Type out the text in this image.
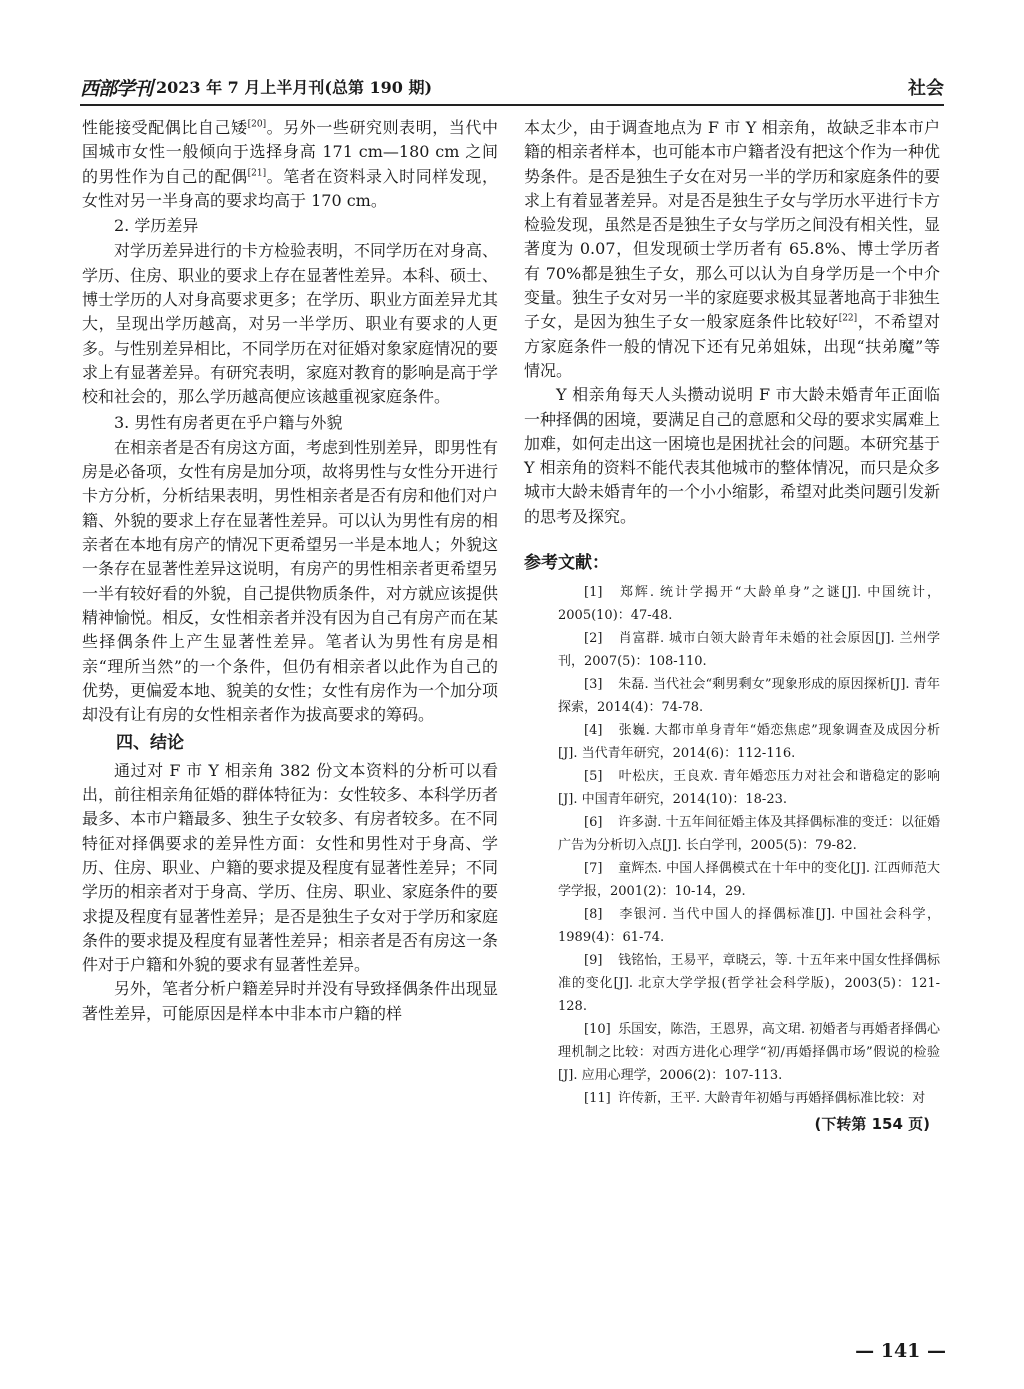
西部学刊 2023 年 7 月上半月刊(总第 190 期)	社会

性能接受配偶比自己矮[20]。另外一些研究则表明，当代中国城市女性一般倾向于选择身高 171 cm—180 cm 之间的男性作为自己的配偶[21]。笔者在资料录入时同样发现，女性对另一半身高的要求均高于 170 cm。

2. 学历差异

对学历差异进行的卡方检验表明，不同学历在对身高、学历、住房、职业的要求上存在显著性差异。本科、硕士、博士学历的人对身高要求更多；在学历、职业方面差异尤其大，呈现出学历越高，对另一半学历、职业有要求的人更多。与性别差异相比，不同学历在对征婚对象家庭情况的要求上有显著差异。有研究表明，家庭对教育的影响是高于学校和社会的，那么学历越高便应该越重视家庭条件。

3. 男性有房者更在乎户籍与外貌

在相亲者是否有房这方面，考虑到性别差异，即男性有房是必备项，女性有房是加分项，故将男性与女性分开进行卡方分析，分析结果表明，男性相亲者是否有房和他们对户籍、外貌的要求上存在显著性差异。可以认为男性有房的相亲者在本地有房产的情况下更希望另一半是本地人；外貌这一条存在显著性差异这说明，有房产的男性相亲者更希望另一半有较好看的外貌，自己提供物质条件，对方就应该提供精神愉悦。相反，女性相亲者并没有因为自己有房产而在某些择偶条件上产生显著性差异。笔者认为男性有房是相亲“理所当然”的一个条件，但仍有相亲者以此作为自己的优势，更偏爱本地、貌美的女性；女性有房作为一个加分项却没有让有房的女性相亲者作为拔高要求的筹码。

四、结论

通过对 F 市 Y 相亲角 382 份文本资料的分析可以看出，前往相亲角征婚的群体特征为：女性较多、本科学历者最多、本市户籍最多、独生子女较多、有房者较多。在不同特征对择偶要求的差异性方面：女性和男性对于身高、学历、住房、职业、户籍的要求提及程度有显著性差异；不同学历的相亲者对于身高、学历、住房、职业、家庭条件的要求提及程度有显著性差异；是否是独生子女对于学历和家庭条件的要求提及程度有显著性差异；相亲者是否有房这一条件对于户籍和外貌的要求有显著性差异。

另外，笔者分析户籍差异时并没有导致择偶条件出现显著性差异，可能原因是样本中非本市户籍的样

本太少，由于调查地点为 F 市 Y 相亲角，故缺乏非本市户籍的相亲者样本，也可能本市户籍者没有把这个作为一种优势条件。是否是独生子女在对另一半的学历和家庭条件的要求上有着显著差异。对是否是独生子女与学历水平进行卡方检验发现，虽然是否是独生子女与学历之间没有相关性，显著度为 0.07，但发现硕士学历者有 65.8%、博士学历者有 70%都是独生子女，那么可以认为自身学历是一个中介变量。独生子女对另一半的家庭要求极其显著地高于非独生子女，是因为独生子女一般家庭条件比较好[22]，不希望对方家庭条件一般的情况下还有兄弟姐妹，出现“扶弟魔”等情况。

Y 相亲角每天人头攒动说明 F 市大龄未婚青年正面临一种择偶的困境，要满足自己的意愿和父母的要求实属难上加难，如何走出这一困境也是困扰社会的问题。本研究基于 Y 相亲角的资料不能代表其他城市的整体情况，而只是众多城市大龄未婚青年的一个小小缩影，希望对此类问题引发新的思考及探究。

参考文献：

[1] 郑辉. 统计学揭开“大龄单身”之谜[J]. 中国统计，2005(10)：47-48.

[2] 肖富群. 城市白领大龄青年未婚的社会原因[J]. 兰州学刊，2007(5)：108-110.

[3] 朱磊. 当代社会“剩男剩女”现象形成的原因探析[J]. 青年探索，2014(4)：74-78.

[4] 张巍. 大都市单身青年“婚恋焦虑”现象调查及成因分析[J]. 当代青年研究，2014(6)：112-116.

[5] 叶松庆，王良欢. 青年婚恋压力对社会和谐稳定的影响[J]. 中国青年研究，2014(10)：18-23.

[6] 许多澍. 十五年间征婚主体及其择偶标准的变迁：以征婚广告为分析切入点[J]. 长白学刊，2005(5)：79-82.

[7] 童辉杰. 中国人择偶模式在十年中的变化[J]. 江西师范大学学报，2001(2)：10-14，29.

[8] 李银河. 当代中国人的择偶标准[J]. 中国社会科学，1989(4)：61-74.

[9] 钱铭怡，王易平，章晓云，等. 十五年来中国女性择偶标准的变化[J]. 北京大学学报(哲学社会科学版)，2003(5)：121-128.

[10] 乐国安，陈浩，王恩界，高文珺. 初婚者与再婚者择偶心理机制之比较：对西方进化心理学“初/再婚择偶市场”假说的检验[J]. 应用心理学，2006(2)：107-113.

[11] 许传新，王平. 大龄青年初婚与再婚择偶标准比较：对

(下转第 154 页)
— 141 —
